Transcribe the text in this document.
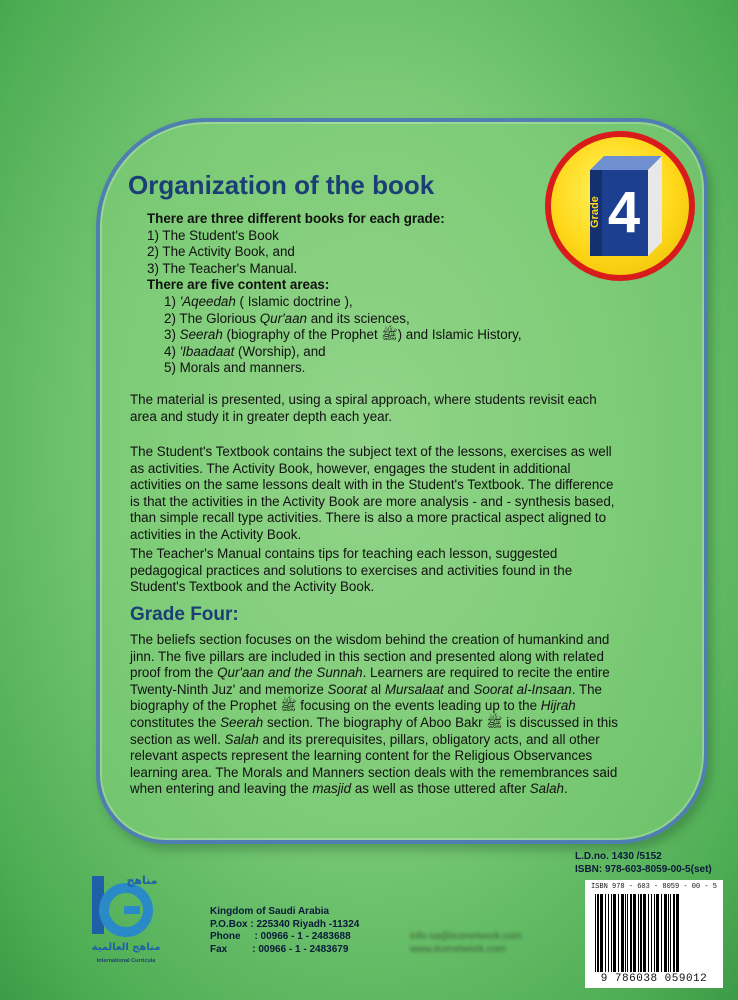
Grade 4
Organization of the book
There are three different books for each grade:
1) The Student's Book
2) The Activity Book, and
3) The Teacher's Manual.
There are five content areas:
1) 'Aqeedah ( Islamic doctrine ),
2) The Glorious Qur'aan and its sciences,
3) Seerah (biography of the Prophet ﷺ) and Islamic History,
4) 'Ibaadaat (Worship), and
5) Morals and manners.

The material is presented, using a spiral approach, where students revisit each area and study it in greater depth each year.

The Student's Textbook contains the subject text of the lessons, exercises as well as activities. The Activity Book, however, engages the student in additional activities on the same lessons dealt with in the Student's Textbook. The difference is that the activities in the Activity Book are more analysis - and - synthesis based, than simple recall type activities. There is also a more practical aspect aligned to activities in the Activity Book.

The Teacher's Manual contains tips for teaching each lesson, suggested pedagogical practices and solutions to exercises and activities found in the Student's Textbook and the Activity Book.

Grade Four:

The beliefs section focuses on the wisdom behind the creation of humankind and jinn. The five pillars are included in this section and presented along with related proof from the Qur'aan and the Sunnah. Learners are required to recite the entire Twenty-Ninth Juz' and memorize Soorat al Mursalaat and Soorat al-Insaan. The biography of the Prophet ﷺ focusing on the events leading up to the Hijrah constitutes the Seerah section. The biography of Aboo Bakr ﷺ is discussed in this section as well. Salah and its prerequisites, pillars, obligatory acts, and all other relevant aspects represent the learning content for the Religious Observances learning area. The Morals and Manners section deals with the remembrances said when entering and leaving the masjid as well as those uttered after Salah.

مناهج
مناهج العالمية
International Curricula
Kingdom of Saudi Arabia
P.O.Box : 225340 Riyadh -11324
Phone     : 00966 - 1 - 2483688
Fax         : 00966 - 1 - 2483679
info-sa@iicenetwork.com
www.iicenetwork.com
L.D.no. 1430 /5152
ISBN: 978-603-8059-00-5(set)
ISBN 978 - 603 - 8059 - 00 - 5
9 786038 059012
